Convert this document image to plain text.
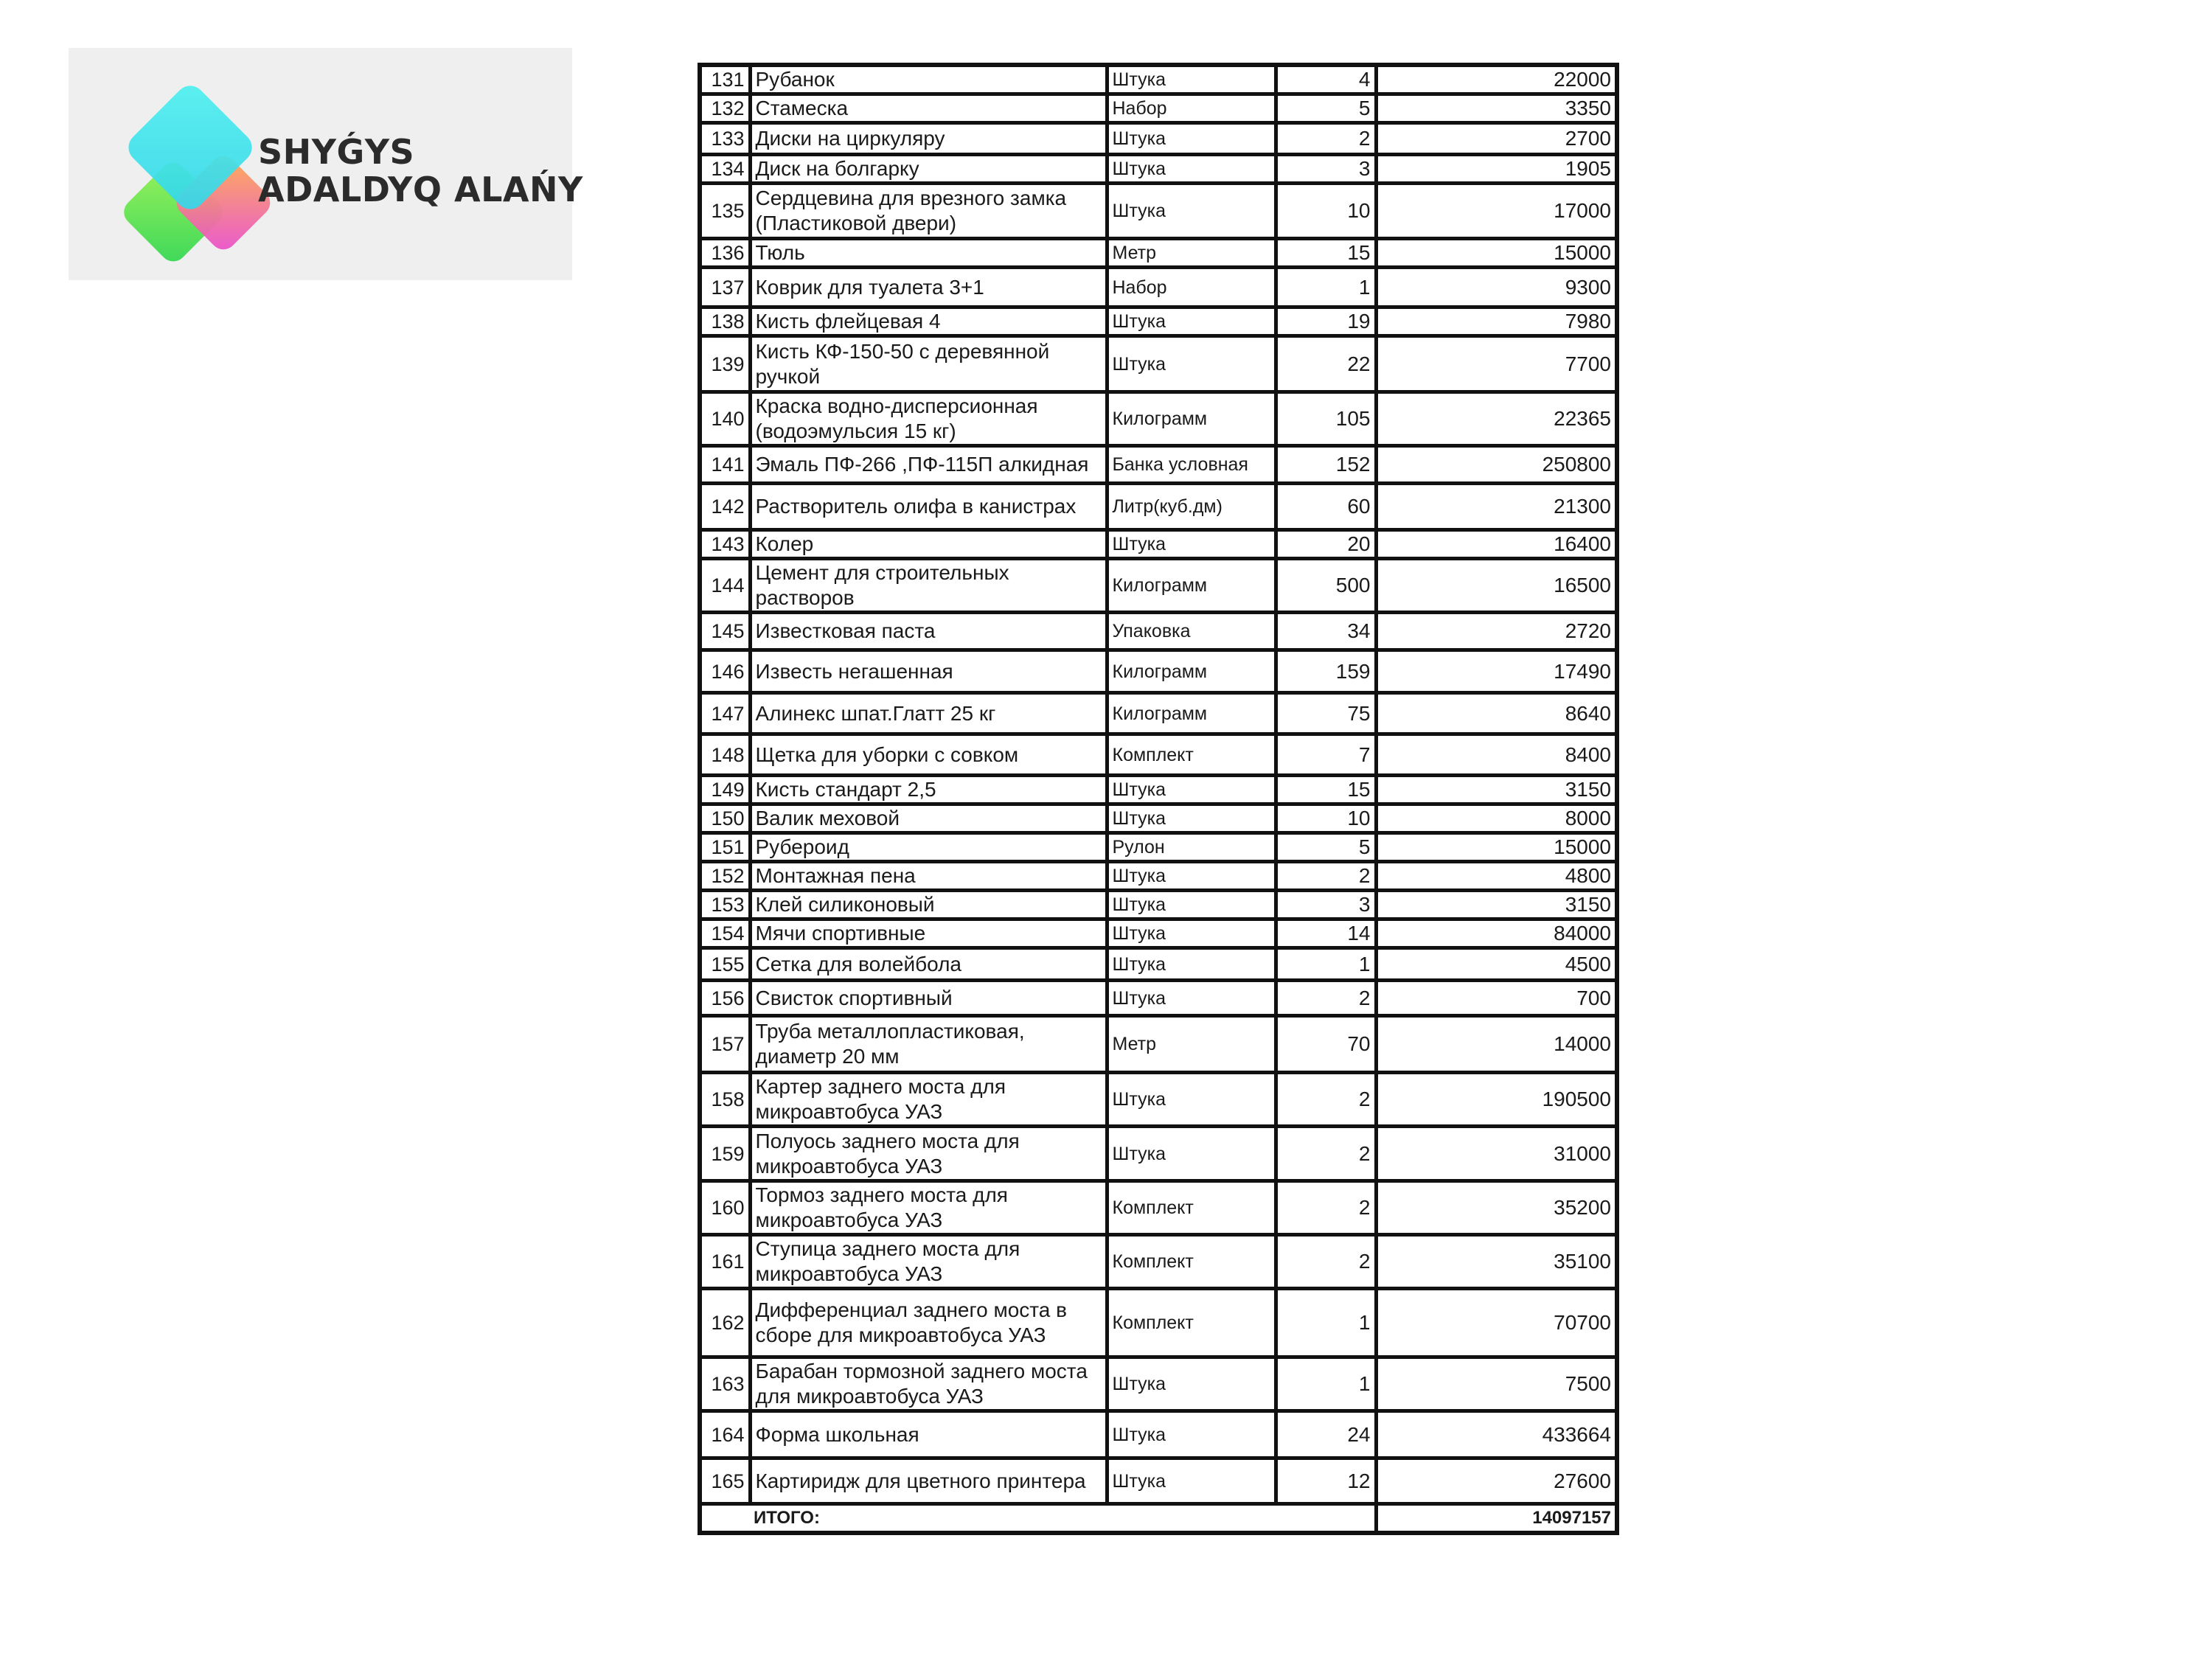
SHYǴYS
ADALDYQ ALAŃY
131	Рубанок	Штука	4	22000
132	Стамеска	Набор	5	3350
133	Диски на циркуляру	Штука	2	2700
134	Диск на болгарку	Штука	3	1905
135	Сердцевина для врезного замка (Пластиковой двери)	Штука	10	17000
136	Тюль	Метр	15	15000
137	Коврик для туалета 3+1	Набор	1	9300
138	Кисть флейцевая 4	Штука	19	7980
139	Кисть КФ-150-50 с деревянной ручкой	Штука	22	7700
140	Краска водно-дисперсионная (водоэмульсия 15 кг)	Килограмм	105	22365
141	Эмаль ПФ-266 ,ПФ-115П алкидная	Банка условная	152	250800
142	Растворитель олифа в канистрах	Литр(куб.дм)	60	21300
143	Колер	Штука	20	16400
144	Цемент для строительных растворов	Килограмм	500	16500
145	Известковая паста	Упаковка	34	2720
146	Известь негашенная	Килограмм	159	17490
147	Алинекс шпат.Глатт 25 кг	Килограмм	75	8640
148	Щетка для уборки с совком	Комплект	7	8400
149	Кисть стандарт 2,5	Штука	15	3150
150	Валик меховой	Штука	10	8000
151	Рубероид	Рулон	5	15000
152	Монтажная пена	Штука	2	4800
153	Клей силиконовый	Штука	3	3150
154	Мячи спортивные	Штука	14	84000
155	Сетка для волейбола	Штука	1	4500
156	Свисток спортивный	Штука	2	700
157	Труба металлопластиковая, диаметр 20 мм	Метр	70	14000
158	Картер заднего моста для микроавтобуса УАЗ	Штука	2	190500
159	Полуось заднего моста для микроавтобуса УАЗ	Штука	2	31000
160	Тормоз заднего моста для микроавтобуса УАЗ	Комплект	2	35200
161	Ступица заднего моста для микроавтобуса УАЗ	Комплект	2	35100
162	Дифференциал заднего моста в сборе для микроавтобуса УАЗ	Комплект	1	70700
163	Барабан тормозной заднего моста для микроавтобуса УАЗ	Штука	1	7500
164	Форма школьная	Штука	24	433664
165	Картиридж для цветного принтера	Штука	12	27600
	ИТОГО:			14097157
